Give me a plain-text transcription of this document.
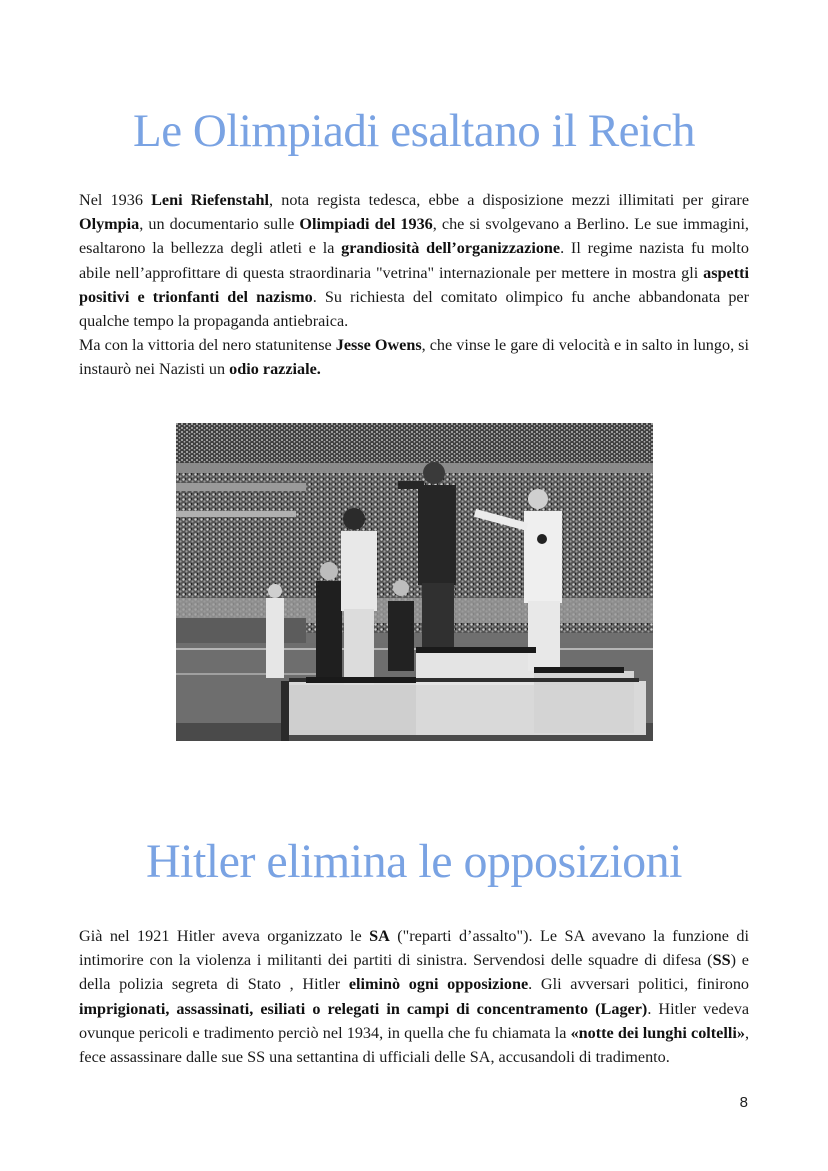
Le Olimpiadi esaltano il Reich

Nel 1936 Leni Riefenstahl, nota regista tedesca, ebbe a disposizione mezzi illimitati per girare Olympia, un documentario sulle Olimpiadi del 1936, che si svolgevano a Berlino. Le sue immagini, esaltarono la bellezza degli atleti e la grandiosità dell’organizzazione. Il regime nazista fu molto abile nell’approfittare di questa straordinaria "vetrina" internazionale per mettere in mostra gli aspetti positivi e trionfanti del nazismo. Su richiesta del comitato olimpico fu anche abbandonata per qualche tempo la propaganda antiebraica.
Ma con la vittoria del nero statunitense Jesse Owens, che vinse le gare di velocità e in salto in lungo, si instaurò nei Nazisti un odio razziale.

Hitler elimina le opposizioni

Già nel 1921 Hitler aveva organizzato le SA ("reparti d’assalto"). Le SA avevano la funzione di intimorire con la violenza i militanti dei partiti di sinistra. Servendosi delle squadre di difesa (SS) e della polizia segreta di Stato , Hitler eliminò ogni opposizione. Gli avversari politici, finirono imprigionati, assassinati, esiliati o relegati in campi di concentramento (Lager). Hitler vedeva ovunque pericoli e tradimento perciò nel 1934, in quella che fu chiamata la «notte dei lunghi coltelli», fece assassinare dalle sue SS una settantina di ufficiali delle SA, accusandoli di tradimento.

8
